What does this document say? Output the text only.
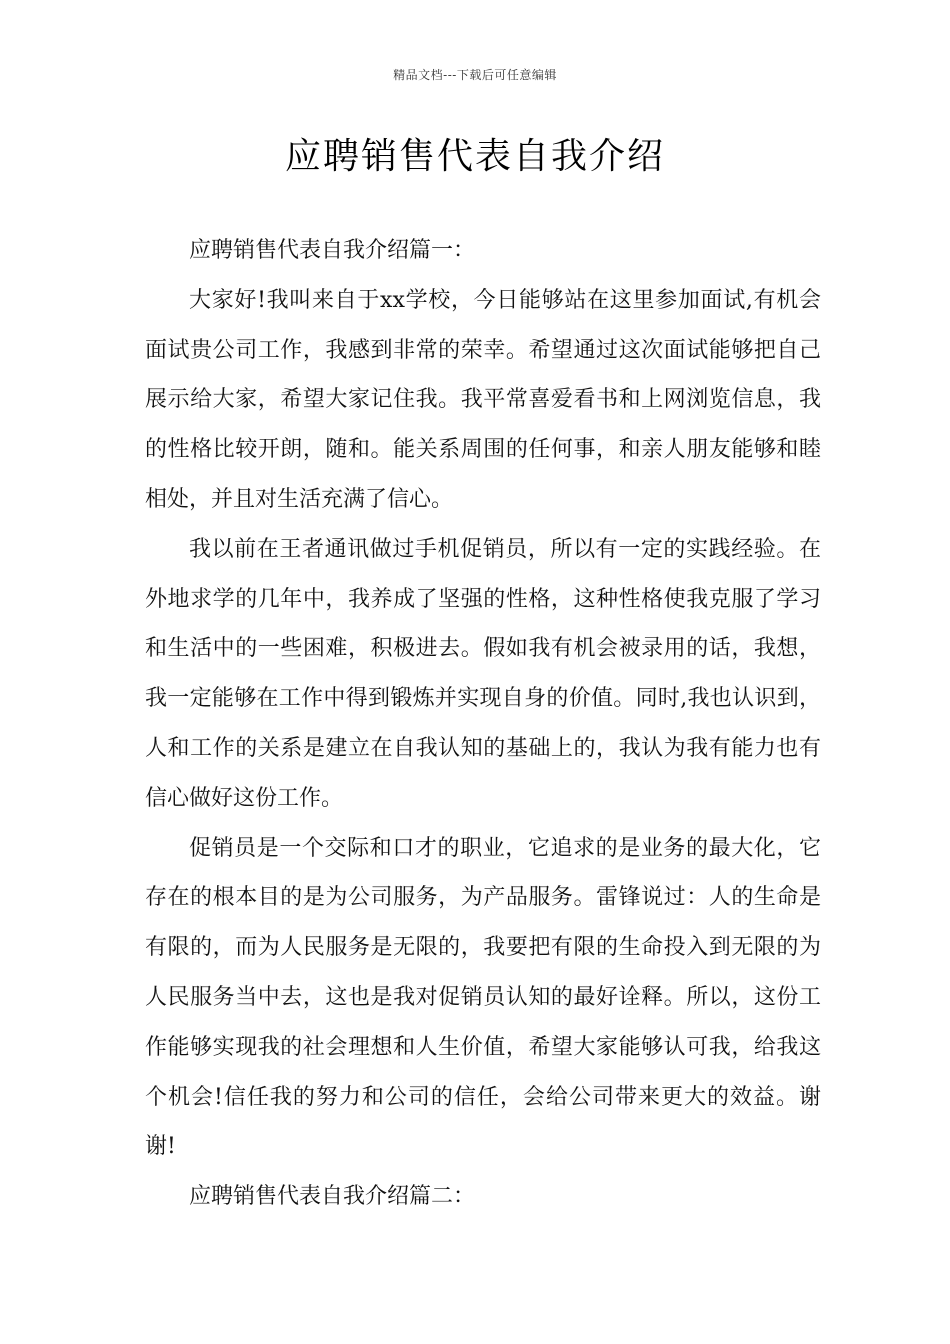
精品文档---下载后可任意编辑
应聘销售代表自我介绍

应聘销售代表自我介绍篇一：

大家好!我叫来自于xx学校，今日能够站在这里参加面试,有机会面试贵公司工作，我感到非常的荣幸。希望通过这次面试能够把自己展示给大家，希望大家记住我。我平常喜爱看书和上网浏览信息，我的性格比较开朗，随和。能关系周围的任何事，和亲人朋友能够和睦相处，并且对生活充满了信心。

我以前在王者通讯做过手机促销员，所以有一定的实践经验。在外地求学的几年中，我养成了坚强的性格，这种性格使我克服了学习和生活中的一些困难，积极进去。假如我有机会被录用的话，我想，我一定能够在工作中得到锻炼并实现自身的价值。同时,我也认识到，人和工作的关系是建立在自我认知的基础上的，我认为我有能力也有信心做好这份工作。

促销员是一个交际和口才的职业，它追求的是业务的最大化，它存在的根本目的是为公司服务，为产品服务。雷锋说过：人的生命是有限的，而为人民服务是无限的，我要把有限的生命投入到无限的为人民服务当中去，这也是我对促销员认知的最好诠释。所以，这份工作能够实现我的社会理想和人生价值，希望大家能够认可我，给我这个机会!信任我的努力和公司的信任，会给公司带来更大的效益。谢谢!

应聘销售代表自我介绍篇二：
